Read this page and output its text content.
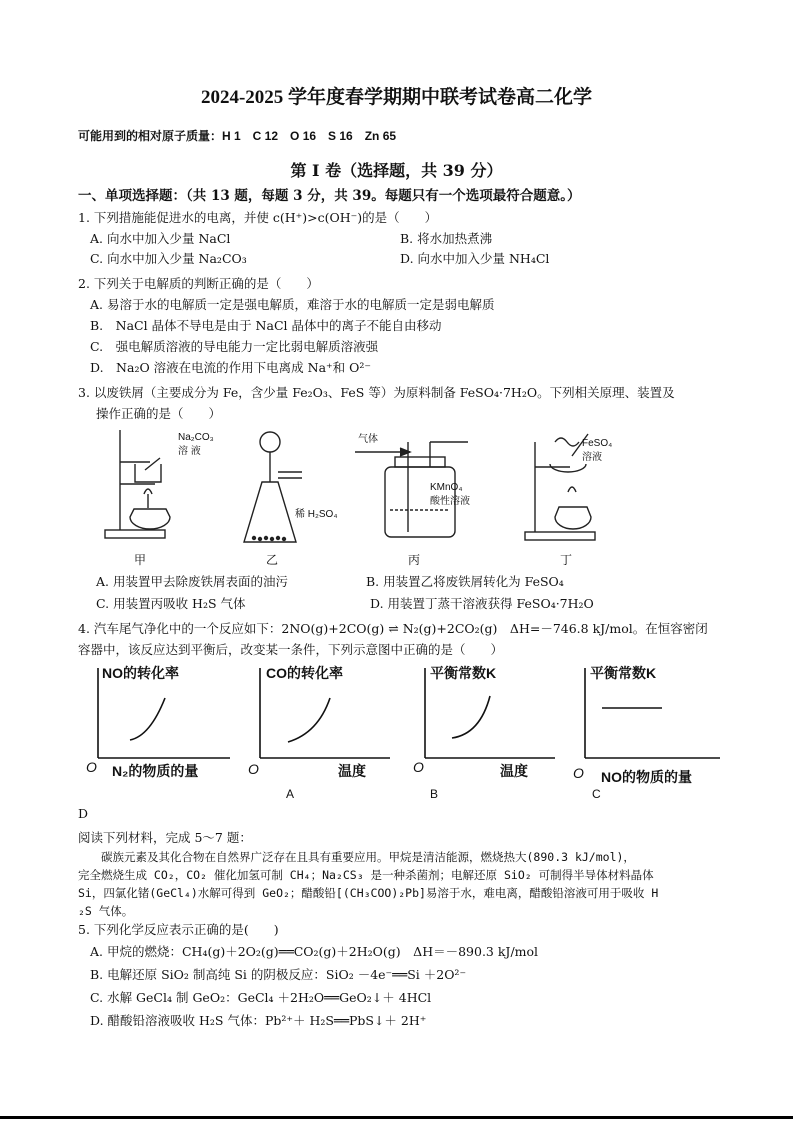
2024-2025 学年度春学期期中联考试卷高二化学
可能用到的相对原子质量：H 1　C 12　O 16　S 16　Zn 65
第 I 卷（选择题，共 39 分）
一、单项选择题：（共 13 题，每题 3 分，共 39。每题只有一个选项最符合题意。）
1. 下列措施能促进水的电离，并使 c(H⁺)>c(OH⁻)的是（　　）
A. 向水中加入少量 NaCl	B. 将水加热煮沸
C. 向水中加入少量 Na₂CO₃	D. 向水中加入少量 NH₄Cl
2. 下列关于电解质的判断正确的是（　　）
A. 易溶于水的电解质一定是强电解质，难溶于水的电解质一定是弱电解质
B.　NaCl 晶体不导电是由于 NaCl 晶体中的离子不能自由移动
C.　强电解质溶液的导电能力一定比弱电解质溶液强
D.　Na₂O 溶液在电流的作用下电离成 Na⁺和 O²⁻
3. 以废铁屑（主要成分为 Fe，含少量 Fe₂O₃、FeS 等）为原料制备 FeSO₄·7H₂O。下列相关原理、装置及
操作正确的是（　　）
Na₂CO₃
溶 液
稀 H₂SO₄
气体
KMnO₄
酸性溶液
FeSO₄
溶液
甲	乙	丙	丁
A. 用装置甲去除废铁屑表面的油污	B. 用装置乙将废铁屑转化为 FeSO₄
C. 用装置丙吸收 H₂S 气体	D. 用装置丁蒸干溶液获得 FeSO₄·7H₂O
4. 汽车尾气净化中的一个反应如下：2NO(g)+2CO(g) ⇌ N₂(g)+2CO₂(g)　ΔH=－746.8 kJ/mol。在恒容密闭
容器中，该反应达到平衡后，改变某一条件，下列示意图中正确的是（　　）
NO的转化率
N₂的物质的量
CO的转化率
温度
平衡常数K
温度
平衡常数K
NO的物质的量
O	O	O	O
A	B	C
D
阅读下列材料，完成 5～7 题：
　　碳族元素及其化合物在自然界广泛存在且具有重要应用。甲烷是清洁能源，燃烧热大(890.3 kJ/mol)，
完全燃烧生成 CO₂，CO₂ 催化加氢可制 CH₄；Na₂CS₃ 是一种杀菌剂；电解还原 SiO₂ 可制得半导体材料晶体
Si，四氯化锗(GeCl₄)水解可得到 GeO₂；醋酸铅[(CH₃COO)₂Pb]易溶于水，难电离，醋酸铅溶液可用于吸收 H
₂S 气体。
5. 下列化学反应表示正确的是(　　)
A. 甲烷的燃烧：CH₄(g)＋2O₂(g)══CO₂(g)＋2H₂O(g)　ΔH＝－890.3 kJ/mol
B. 电解还原 SiO₂ 制高纯 Si 的阴极反应：SiO₂ －4e⁻══Si ＋2O²⁻
C. 水解 GeCl₄ 制 GeO₂：GeCl₄ ＋2H₂O══GeO₂↓＋ 4HCl
D. 醋酸铅溶液吸收 H₂S 气体：Pb²⁺＋ H₂S══PbS↓＋ 2H⁺
